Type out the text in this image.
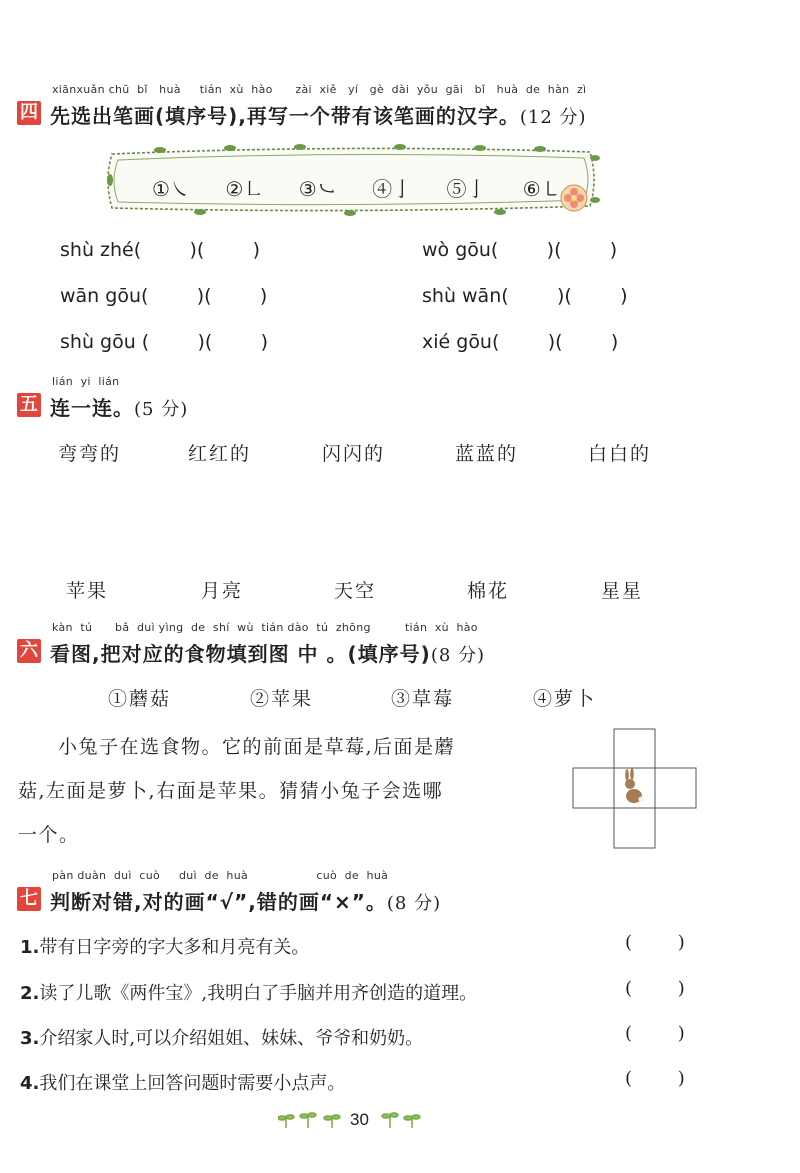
xiānxuǎn chū  bǐ   huà     tián  xù  hào      zài  xiě   yí   gè  dài  yǒu  gāi   bǐ   huà  de  hàn  zì
四 先选出笔画(填序号),再写一个带有该笔画的汉字。(12 分)
①㇏ ②㇗ ③㇃ ④亅 ⑤亅 ⑥㇄
shù zhé(        )(        )	wò gōu(        )(        )
wān gōu(        )(        )	shù wān(        )(        )
shù gōu (        )(        )	xié gōu(        )(        )
lián  yi  lián
五 连一连。(5 分)
弯弯的	红红的	闪闪的	蓝蓝的	白白的
苹果	月亮	天空	棉花	星星
kàn  tú      bǎ  duì yìng  de  shí  wù  tián dào  tú  zhōng         tián  xù  hào
六 看图,把对应的食物填到图 中 。(填序号)(8 分)
①蘑菇	②苹果	③草莓	④萝卜
小兔子在选食物。它的前面是草莓,后面是蘑
菇,左面是萝卜,右面是苹果。猜猜小兔子会选哪
一个。
pàn duàn  duì  cuò     duì  de  huà                  cuò  de  huà
七 判断对错,对的画“√”,错的画“×”。(8 分)
1.带有日字旁的字大多和月亮有关。	(        )
2.读了儿歌《两件宝》,我明白了手脑并用齐创造的道理。	(        )
3.介绍家人时,可以介绍姐姐、妹妹、爷爷和奶奶。	(        )
4.我们在课堂上回答问题时需要小点声。	(        )
30
